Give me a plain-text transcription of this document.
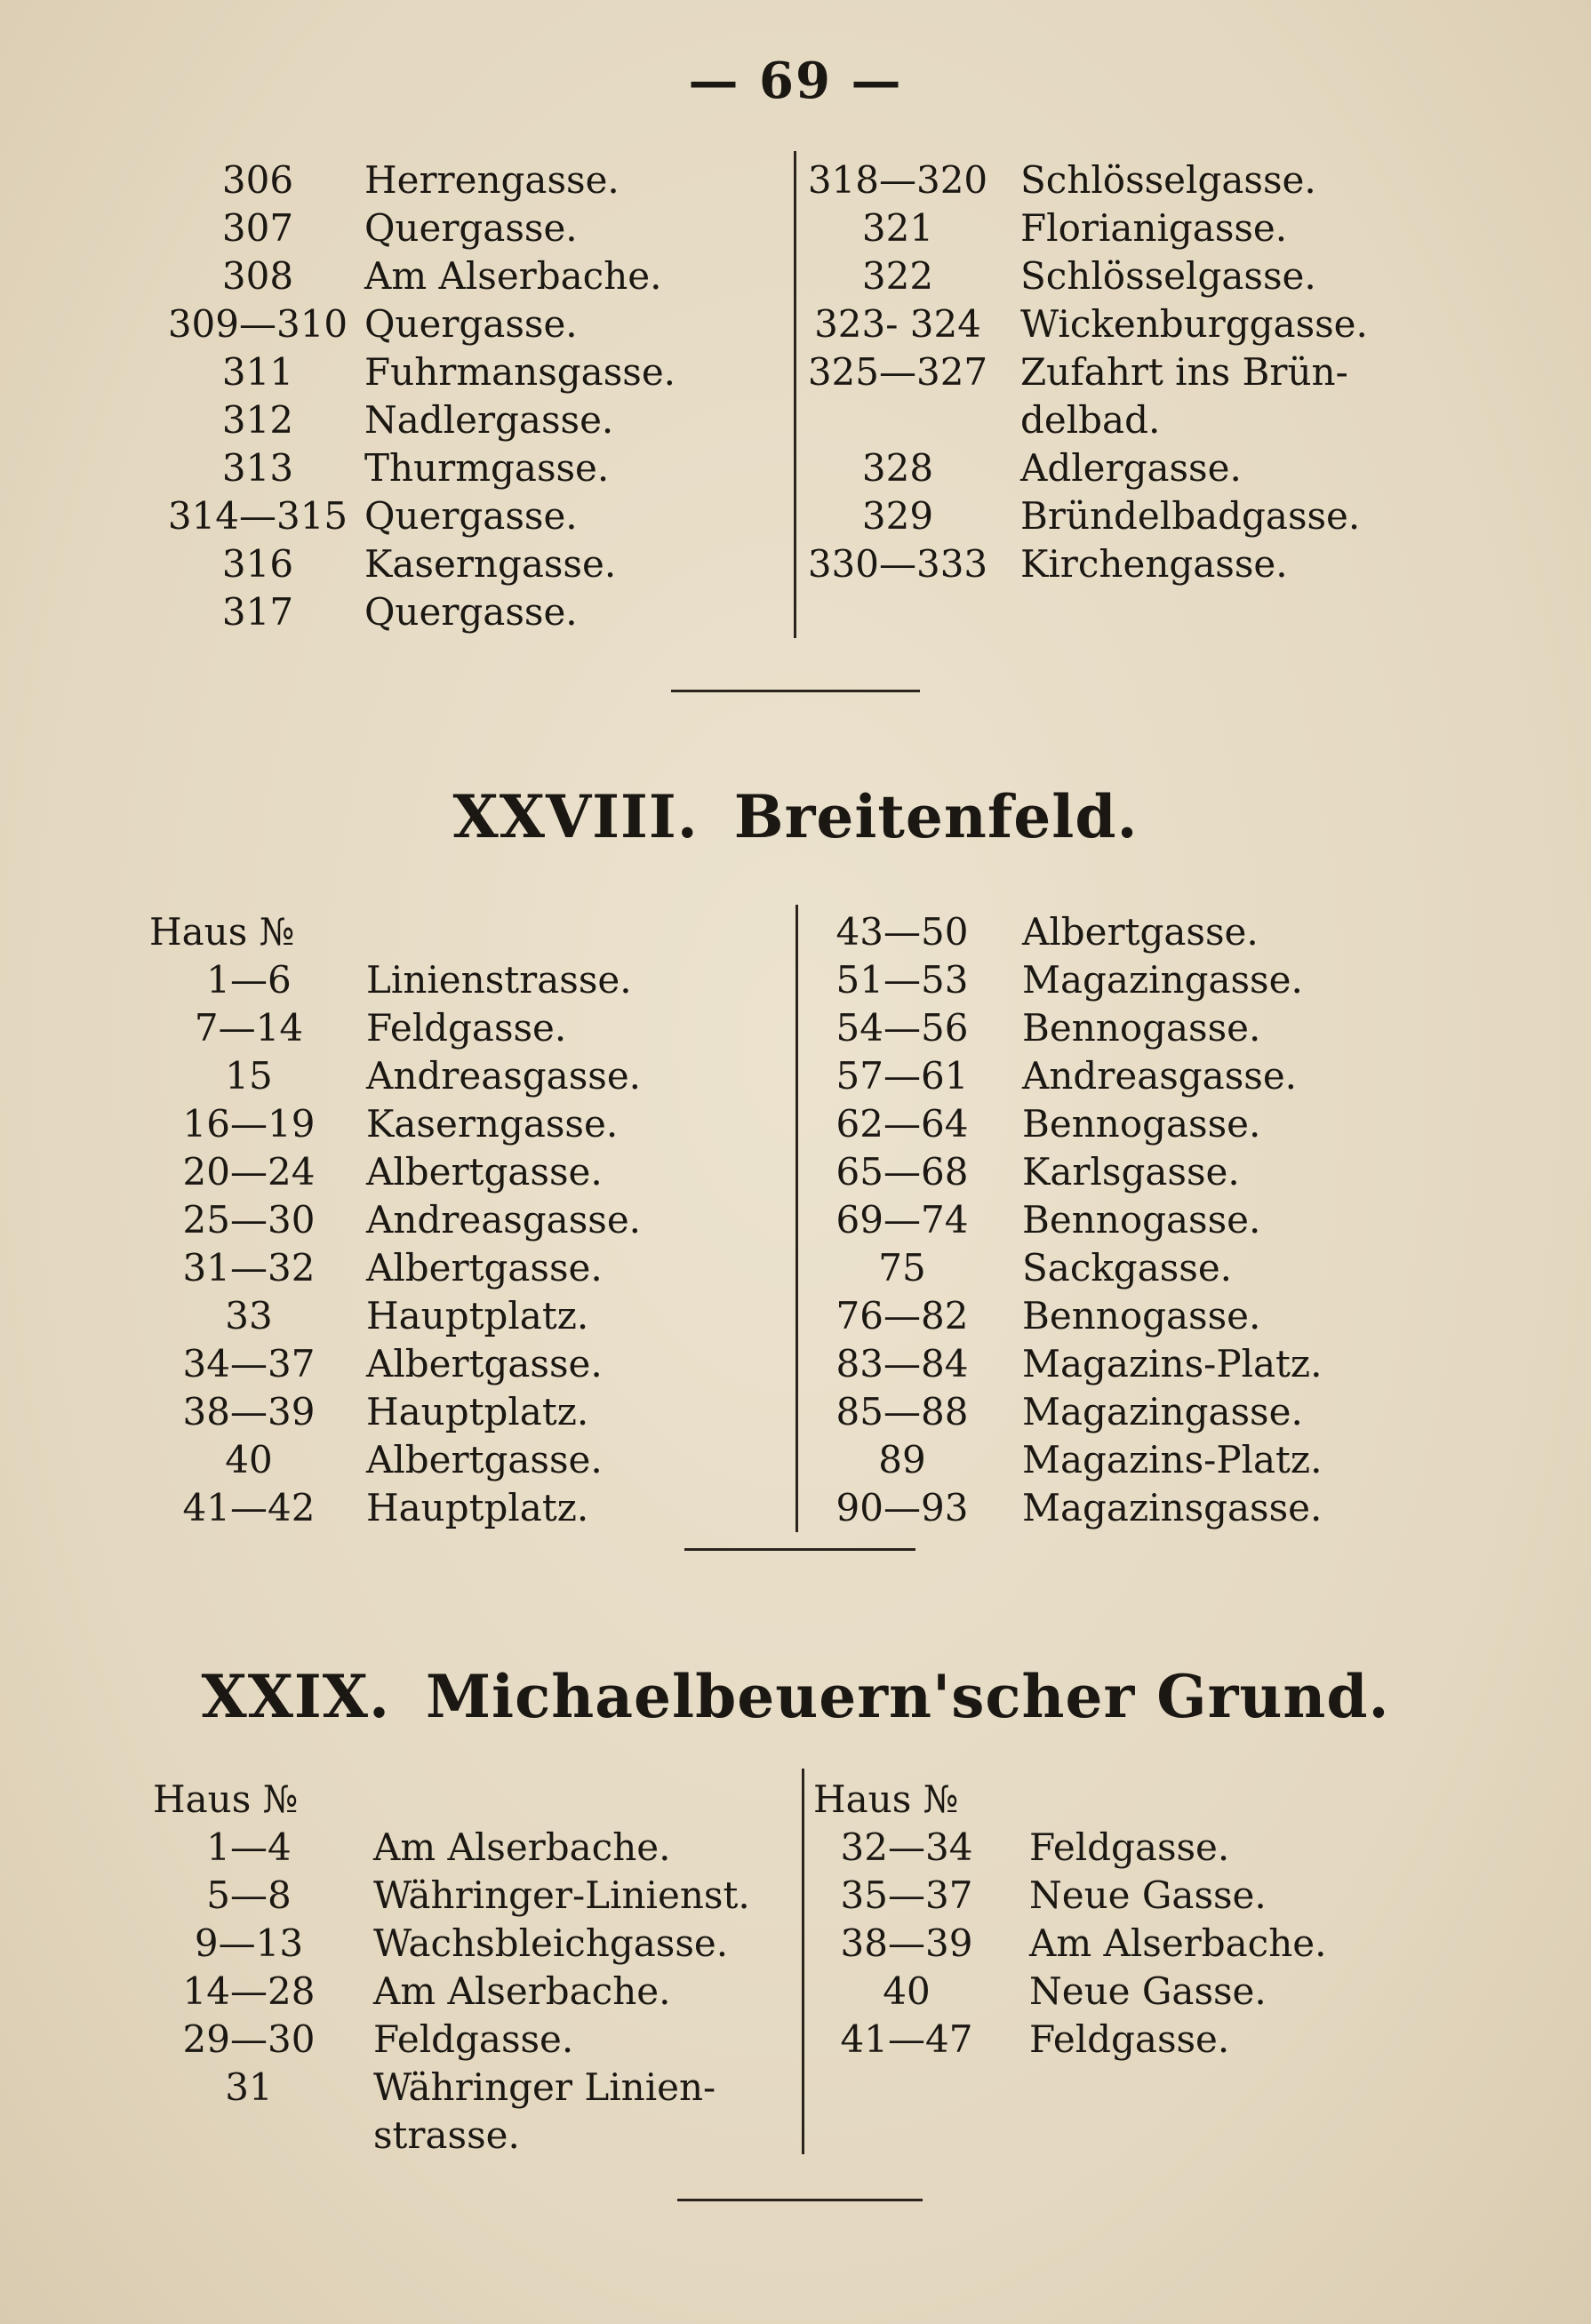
— 69 —
306	Herrengasse.
307	Quergasse.
308	Am Alserbache.
309—310 Quergasse.
311	Fuhrmansgasse.
312	Nadlergasse.
313	Thurmgasse.
314—315 Quergasse.
316	Kaserngasse.
317	Quergasse.
318—320 Schlösselgasse.
321	Florianigasse.
322	Schlösselgasse.
323- 324	Wickenburggasse.
325—327 Zufahrt ins Brün-
delbad.
328	Adlergasse.
329	Bründelbadgasse.
330—333 Kirchengasse.
XXVIII. Breitenfeld.
Haus №
1—6	Linienstrasse.
7—14	Feldgasse.
15	Andreasgasse.
16—19	Kaserngasse.
20—24	Albertgasse.
25—30	Andreasgasse.
31—32	Albertgasse.
33	Hauptplatz.
34—37	Albertgasse.
38—39	Hauptplatz.
40	Albertgasse.
41—42	Hauptplatz.
43—50	Albertgasse.
51—53	Magazingasse.
54—56	Bennogasse.
57—61	Andreasgasse.
62—64	Bennogasse.
65—68	Karlsgasse.
69—74	Bennogasse.
75	Sackgasse.
76—82	Bennogasse.
83—84	Magazins-Platz.
85—88	Magazingasse.
89	Magazins-Platz.
90—93	Magazinsgasse.
XXIX. Michaelbeuern'scher Grund.
Haus №	Haus №
1—4	Am Alserbache.
5—8	Währinger-Linienst.
9—13	Wachsbleichgasse.
14—28	Am Alserbache.
29—30	Feldgasse.
31	Währinger Linien-
strasse.
32—34	Feldgasse.
35—37	Neue Gasse.
38—39	Am Alserbache.
40	Neue Gasse.
41—47	Feldgasse.
